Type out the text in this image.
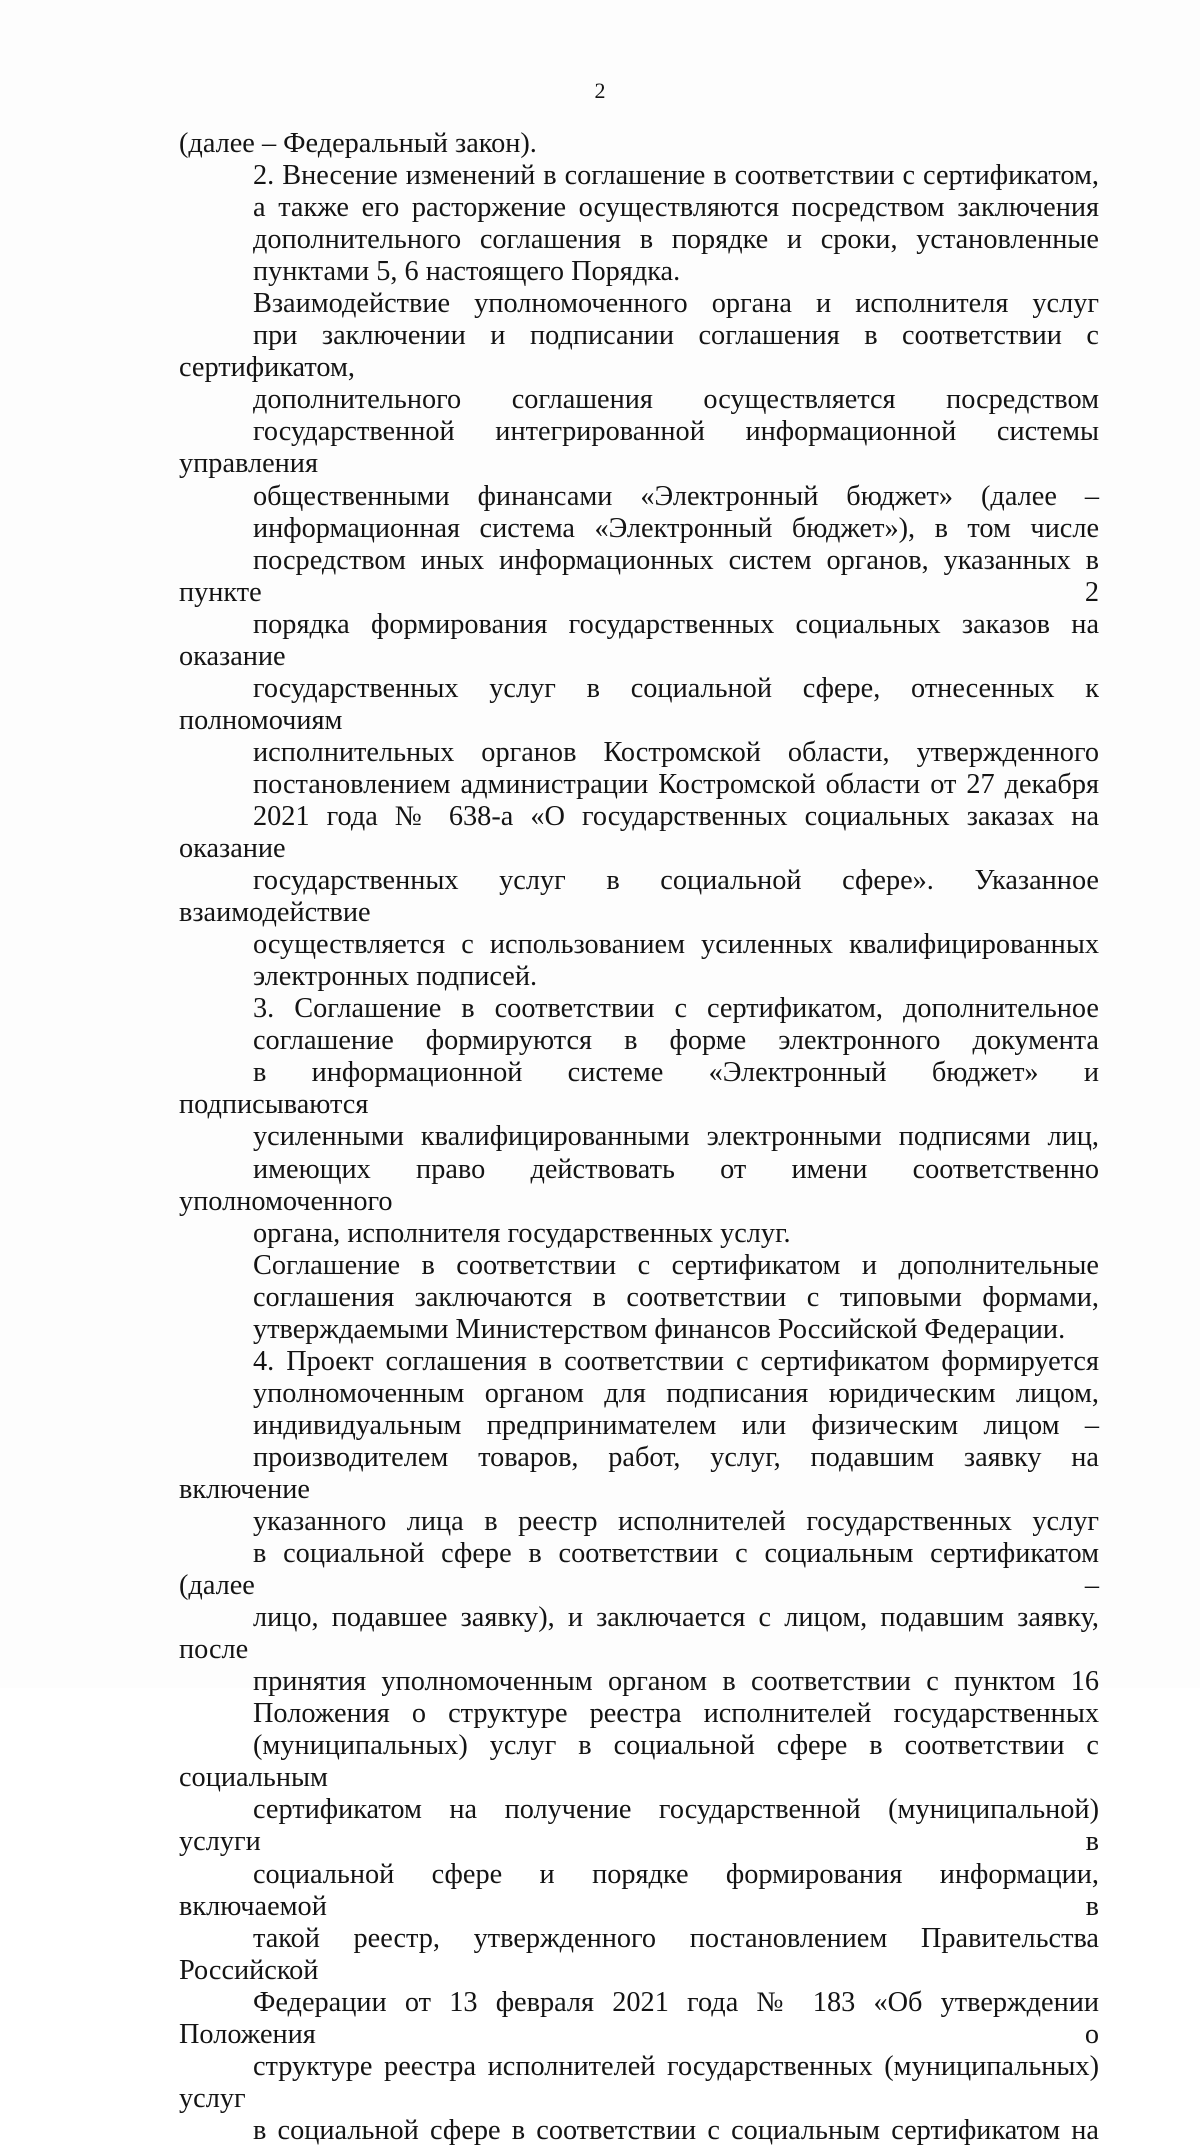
2

(далее – Федеральный закон).

2. Внесение изменений в соглашение в соответствии с сертификатом,
а также его расторжение осуществляются посредством заключения
дополнительного соглашения в порядке и сроки, установленные
пунктами 5, 6 настоящего Порядка.

Взаимодействие уполномоченного органа и исполнителя услуг
при заключении и подписании соглашения в соответствии с сертификатом,
дополнительного соглашения осуществляется посредством
государственной интегрированной информационной системы управления
общественными финансами «Электронный бюджет» (далее –
информационная система «Электронный бюджет»), в том числе
посредством иных информационных систем органов, указанных в пункте 2
порядка формирования государственных социальных заказов на оказание
государственных услуг в социальной сфере, отнесенных к полномочиям
исполнительных органов Костромской области, утвержденного
постановлением администрации Костромской области от 27 декабря
2021 года № 638-а «О государственных социальных заказах на оказание
государственных услуг в социальной сфере». Указанное взаимодействие
осуществляется с использованием усиленных квалифицированных
электронных подписей.

3. Соглашение в соответствии с сертификатом, дополнительное
соглашение формируются в форме электронного документа
в информационной системе «Электронный бюджет» и подписываются
усиленными квалифицированными электронными подписями лиц,
имеющих право действовать от имени соответственно уполномоченного
органа, исполнителя государственных услуг.

Соглашение в соответствии с сертификатом и дополнительные
соглашения заключаются в соответствии с типовыми формами,
утверждаемыми Министерством финансов Российской Федерации.

4. Проект соглашения в соответствии с сертификатом формируется
уполномоченным органом для подписания юридическим лицом,
индивидуальным предпринимателем или физическим лицом –
производителем товаров, работ, услуг, подавшим заявку на включение
указанного лица в реестр исполнителей государственных услуг
в социальной сфере в соответствии с социальным сертификатом (далее –
лицо, подавшее заявку), и заключается с лицом, подавшим заявку, после
принятия уполномоченным органом в соответствии с пунктом 16
Положения о структуре реестра исполнителей государственных
(муниципальных) услуг в социальной сфере в соответствии с социальным
сертификатом на получение государственной (муниципальной) услуги в
социальной сфере и порядке формирования информации, включаемой в
такой реестр, утвержденного постановлением Правительства Российской
Федерации от 13 февраля 2021 года № 183 «Об утверждении Положения о
структуре реестра исполнителей государственных (муниципальных) услуг
в социальной сфере в соответствии с социальным сертификатом на
